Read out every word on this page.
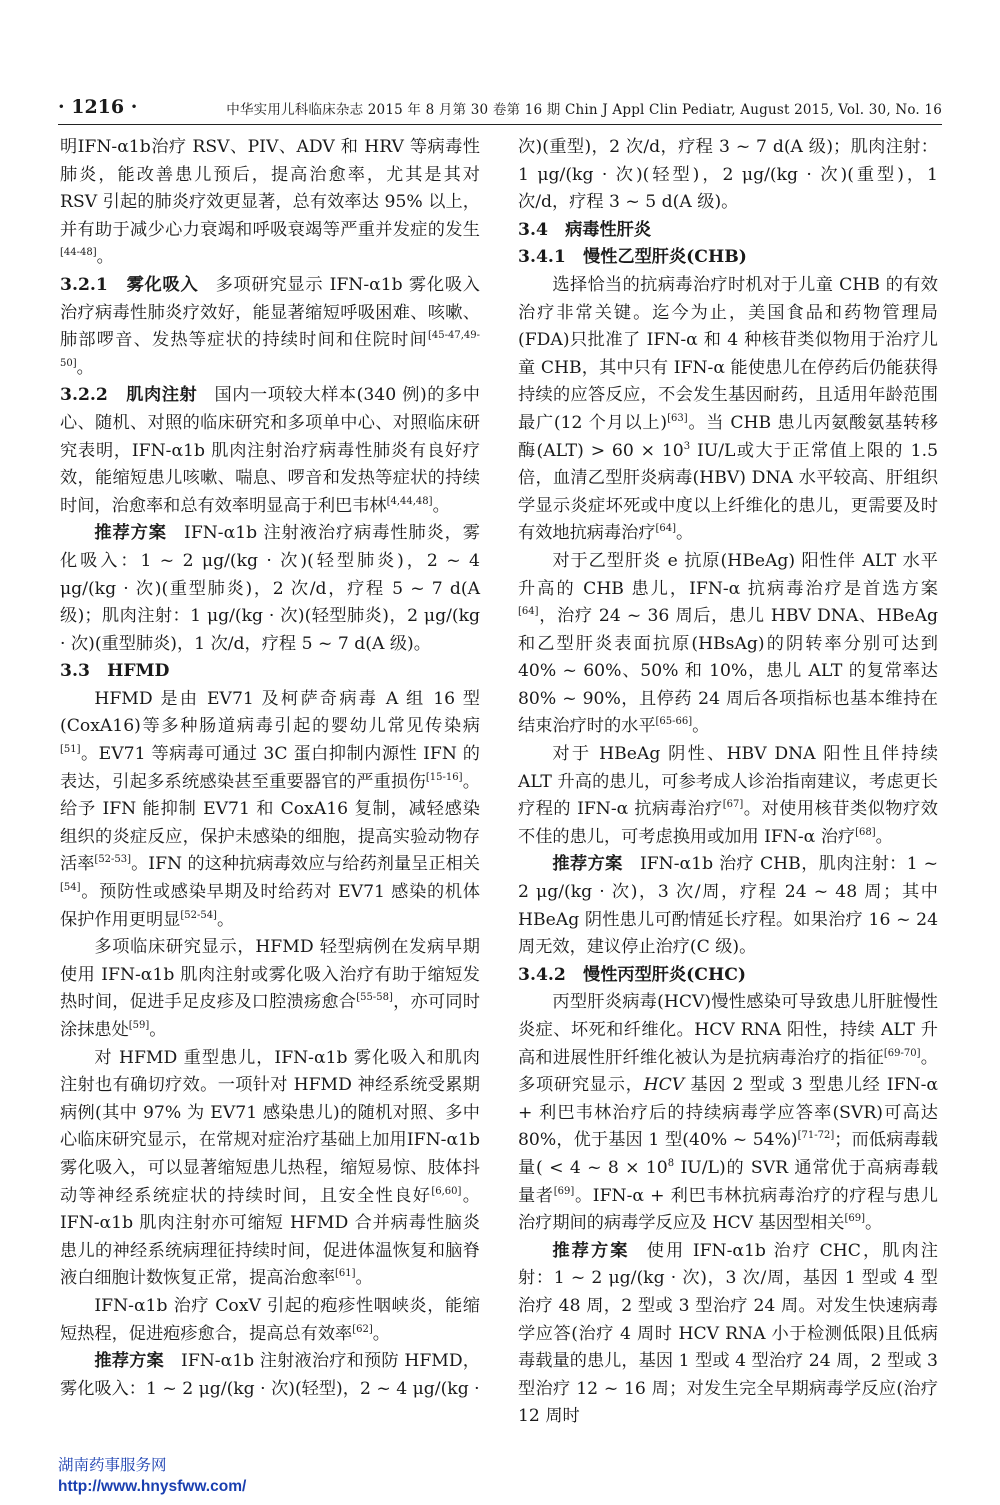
· 1216 ·	中华实用儿科临床杂志 2015 年 8 月第 30 卷第 16 期 Chin J Appl Clin Pediatr, August 2015, Vol. 30, No. 16

明IFN-α1b治疗 RSV、PIV、ADV 和 HRV 等病毒性肺炎，能改善患儿预后，提高治愈率，尤其是其对 RSV 引起的肺炎疗效更显著，总有效率达 95% 以上，并有助于减少心力衰竭和呼吸衰竭等严重并发症的发生[44-48]。

3.2.1　雾化吸入 多项研究显示 IFN-α1b 雾化吸入治疗病毒性肺炎疗效好，能显著缩短呼吸困难、咳嗽、肺部啰音、发热等症状的持续时间和住院时间[45-47,49-50]。

3.2.2　肌肉注射 国内一项较大样本(340 例)的多中心、随机、对照的临床研究和多项单中心、对照临床研究表明，IFN-α1b 肌肉注射治疗病毒性肺炎有良好疗效，能缩短患儿咳嗽、喘息、啰音和发热等症状的持续时间，治愈率和总有效率明显高于利巴韦林[4,44,48]。

推荐方案 IFN-α1b 注射液治疗病毒性肺炎，雾化吸入：1 ~ 2 μg/(kg · 次)(轻型肺炎)，2 ~ 4 μg/(kg · 次)(重型肺炎)，2 次/d，疗程 5 ~ 7 d(A 级)；肌肉注射：1 μg/(kg · 次)(轻型肺炎)，2 μg/(kg · 次)(重型肺炎)，1 次/d，疗程 5 ~ 7 d(A 级)。

3.3　HFMD

HFMD 是由 EV71 及柯萨奇病毒 A 组 16 型(CoxA16)等多种肠道病毒引起的婴幼儿常见传染病[51]。EV71 等病毒可通过 3C 蛋白抑制内源性 IFN 的表达，引起多系统感染甚至重要器官的严重损伤[15-16]。给予 IFN 能抑制 EV71 和 CoxA16 复制，减轻感染组织的炎症反应，保护未感染的细胞，提高实验动物存活率[52-53]。IFN 的这种抗病毒效应与给药剂量呈正相关[54]。预防性或感染早期及时给药对 EV71 感染的机体保护作用更明显[52-54]。

多项临床研究显示，HFMD 轻型病例在发病早期使用 IFN-α1b 肌肉注射或雾化吸入治疗有助于缩短发热时间，促进手足皮疹及口腔溃疡愈合[55-58]，亦可同时涂抹患处[59]。

对 HFMD 重型患儿，IFN-α1b 雾化吸入和肌肉注射也有确切疗效。一项针对 HFMD 神经系统受累期病例(其中 97% 为 EV71 感染患儿)的随机对照、多中心临床研究显示，在常规对症治疗基础上加用IFN-α1b 雾化吸入，可以显著缩短患儿热程，缩短易惊、肢体抖动等神经系统症状的持续时间，且安全性良好[6,60]。IFN-α1b 肌肉注射亦可缩短 HFMD 合并病毒性脑炎患儿的神经系统病理征持续时间，促进体温恢复和脑脊液白细胞计数恢复正常，提高治愈率[61]。

IFN-α1b 治疗 CoxV 引起的疱疹性咽峡炎，能缩短热程，促进疱疹愈合，提高总有效率[62]。

推荐方案 IFN-α1b 注射液治疗和预防 HFMD，雾化吸入：1 ~ 2 μg/(kg · 次)(轻型)，2 ~ 4 μg/(kg ·

次)(重型)，2 次/d，疗程 3 ~ 7 d(A 级)；肌肉注射：1 μg/(kg · 次)(轻型)，2 μg/(kg · 次)(重型)，1 次/d，疗程 3 ~ 5 d(A 级)。

3.4　病毒性肝炎
3.4.1　慢性乙型肝炎(CHB)

选择恰当的抗病毒治疗时机对于儿童 CHB 的有效治疗非常关键。迄今为止，美国食品和药物管理局(FDA)只批准了 IFN-α 和 4 种核苷类似物用于治疗儿童 CHB，其中只有 IFN-α 能使患儿在停药后仍能获得持续的应答反应，不会发生基因耐药，且适用年龄范围最广(12 个月以上)[63]。当 CHB 患儿丙氨酸氨基转移酶$(ALT) > 60 \times 10^3$ IU/L或大于正常值上限的 1.5 倍，血清乙型肝炎病毒(HBV) DNA 水平较高、肝组织学显示炎症坏死或中度以上纤维化的患儿，更需要及时有效地抗病毒治疗[64]。

对于乙型肝炎 e 抗原(HBeAg) 阳性伴 ALT 水平升高的 CHB 患儿，IFN-α 抗病毒治疗是首选方案[64]，治疗 24 ~ 36 周后，患儿 HBV DNA、HBeAg 和乙型肝炎表面抗原(HBsAg)的阴转率分别可达到 40% ~ 60%、50% 和 10%，患儿 ALT 的复常率达 80% ~ 90%，且停药 24 周后各项指标也基本维持在结束治疗时的水平[65-66]。

对于 HBeAg 阴性、HBV DNA 阳性且伴持续 ALT 升高的患儿，可参考成人诊治指南建议，考虑更长疗程的 IFN-α 抗病毒治疗[67]。对使用核苷类似物疗效不佳的患儿，可考虑换用或加用 IFN-α 治疗[68]。

推荐方案 IFN-α1b 治疗 CHB，肌肉注射：1 ~ 2 μg/(kg · 次)，3 次/周，疗程 24 ~ 48 周；其中 HBeAg 阴性患儿可酌情延长疗程。如果治疗 16 ~ 24 周无效，建议停止治疗(C 级)。

3.4.2　慢性丙型肝炎(CHC)

丙型肝炎病毒(HCV)慢性感染可导致患儿肝脏慢性炎症、坏死和纤维化。HCV RNA 阳性，持续 ALT 升高和进展性肝纤维化被认为是抗病毒治疗的指征[69-70]。多项研究显示，HCV 基因 2 型或 3 型患儿经 IFN-α + 利巴韦林治疗后的持续病毒学应答率(SVR)可高达 80%，优于基因 1 型(40% ~ 54%)[71-72]；而低病毒载量( < 4 ~ $8 \times 10^8$ IU/L)的 SVR 通常优于高病毒载量者[69]。IFN-α + 利巴韦林抗病毒治疗的疗程与患儿治疗期间的病毒学反应及 HCV 基因型相关[69]。

推荐方案 使用 IFN-α1b 治疗 CHC，肌肉注射：1 ~ 2 μg/(kg · 次)，3 次/周，基因 1 型或 4 型治疗 48 周，2 型或 3 型治疗 24 周。对发生快速病毒学应答(治疗 4 周时 HCV RNA 小于检测低限)且低病毒载量的患儿，基因 1 型或 4 型治疗 24 周，2 型或 3 型治疗 12 ~ 16 周；对发生完全早期病毒学反应(治疗 12 周时

湖南药事服务网
http://www.hnysfww.com/
